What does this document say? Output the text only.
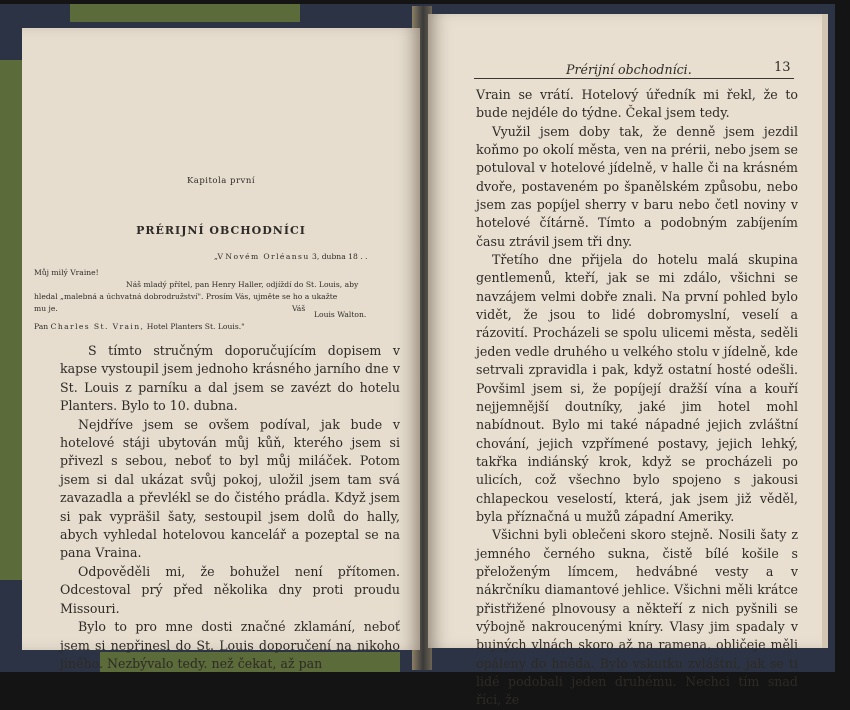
Kapitola první
PRÉRIJNÍ OBCHODNÍCI
„V Novém Orléansu 3, dubna 18 . .
Můj milý Vraine!
Náš mladý přítel, pan Henry Haller, odjíždí do St. Louis, aby
hledal „malebná a úchvatná dobrodružství". Prosím Vás, ujměte se ho a ukažte
mu je.	Váš
Louis Walton.
Pan Charles St. Vrain, Hotel Planters St. Louis."

S tímto stručným doporučujícím dopisem v kapse vystoupil jsem jednoho krásného jarního dne v St. Louis z parníku a dal jsem se zavézt do hotelu Planters. Bylo to 10. dubna.

Nejdříve jsem se ovšem podíval, jak bude v hotelové stáji ubytován můj kůň, kterého jsem si přivezl s sebou, neboť to byl můj miláček. Potom jsem si dal ukázat svůj pokoj, uložil jsem tam svá zavazadla a převlékl se do čistého prádla. Když jsem si pak vypräšil šaty, sestoupil jsem dolů do hally, abych vyhledal hotelovou kancelář a pozeptal se na pana Vraina.

Odpověděli mi, že bohužel není přítomen. Odcestoval prý před několika dny proti proudu Missouri.

Bylo to pro mne dosti značné zklamání, neboť jsem si nepřinesl do St. Louis doporučení na nikoho jiného. Nezbývalo tedy. než čekat, až pan

Prérijní obchodníci.	13

Vrain se vrátí. Hotelový úředník mi řekl, že to bude nejdéle do týdne. Čekal jsem tedy.

Využil jsem doby tak, že denně jsem jezdil koňmo po okolí města, ven na prérii, nebo jsem se potuloval v hotelové jídelně, v halle či na krásném dvoře, postaveném po španělském způsobu, nebo jsem zas popíjel sherry v baru nebo četl noviny v hotelové čítárně. Tímto a podobným zabíjením času ztrávil jsem tři dny.

Třetího dne přijela do hotelu malá skupina gentlemenů, kteří, jak se mi zdálo, všichni se navzájem velmi dobře znali. Na první pohled bylo vidět, že jsou to lidé dobromyslní, veselí a rázovití. Procházeli se spolu ulicemi města, seděli jeden vedle druhého u velkého stolu v jídelně, kde setrvali zpravidla i pak, když ostatní hosté odešli. Povšiml jsem si, že popíjejí dražší vína a kouří nejjemnější doutníky, jaké jim hotel mohl nabídnout. Bylo mi také nápadné jejich zvláštní chování, jejich vzpřímené postavy, jejich lehký, takřka indiánský krok, když se procházeli po ulicích, což všechno bylo spojeno s jakousi chlapeckou veselostí, která, jak jsem již věděl, byla příznačná u mužů západní Ameriky.

Všichni byli oblečeni skoro stejně. Nosili šaty z jemného černého sukna, čistě bílé košile s přeloženým límcem, hedvábné vesty a v nákrčníku diamantové jehlice. Všichni měli krátce přistřižené plnovousy a někteří z nich pyšnili se výbojně nakroucenými kníry. Vlasy jim spadaly v bujných vlnách skoro až na ramena, obličeje měli opáleny do hněda. Bylo vskutku zvláštní, jak se ti lidé podobali jeden druhému. Nechci tím snad říci, že
